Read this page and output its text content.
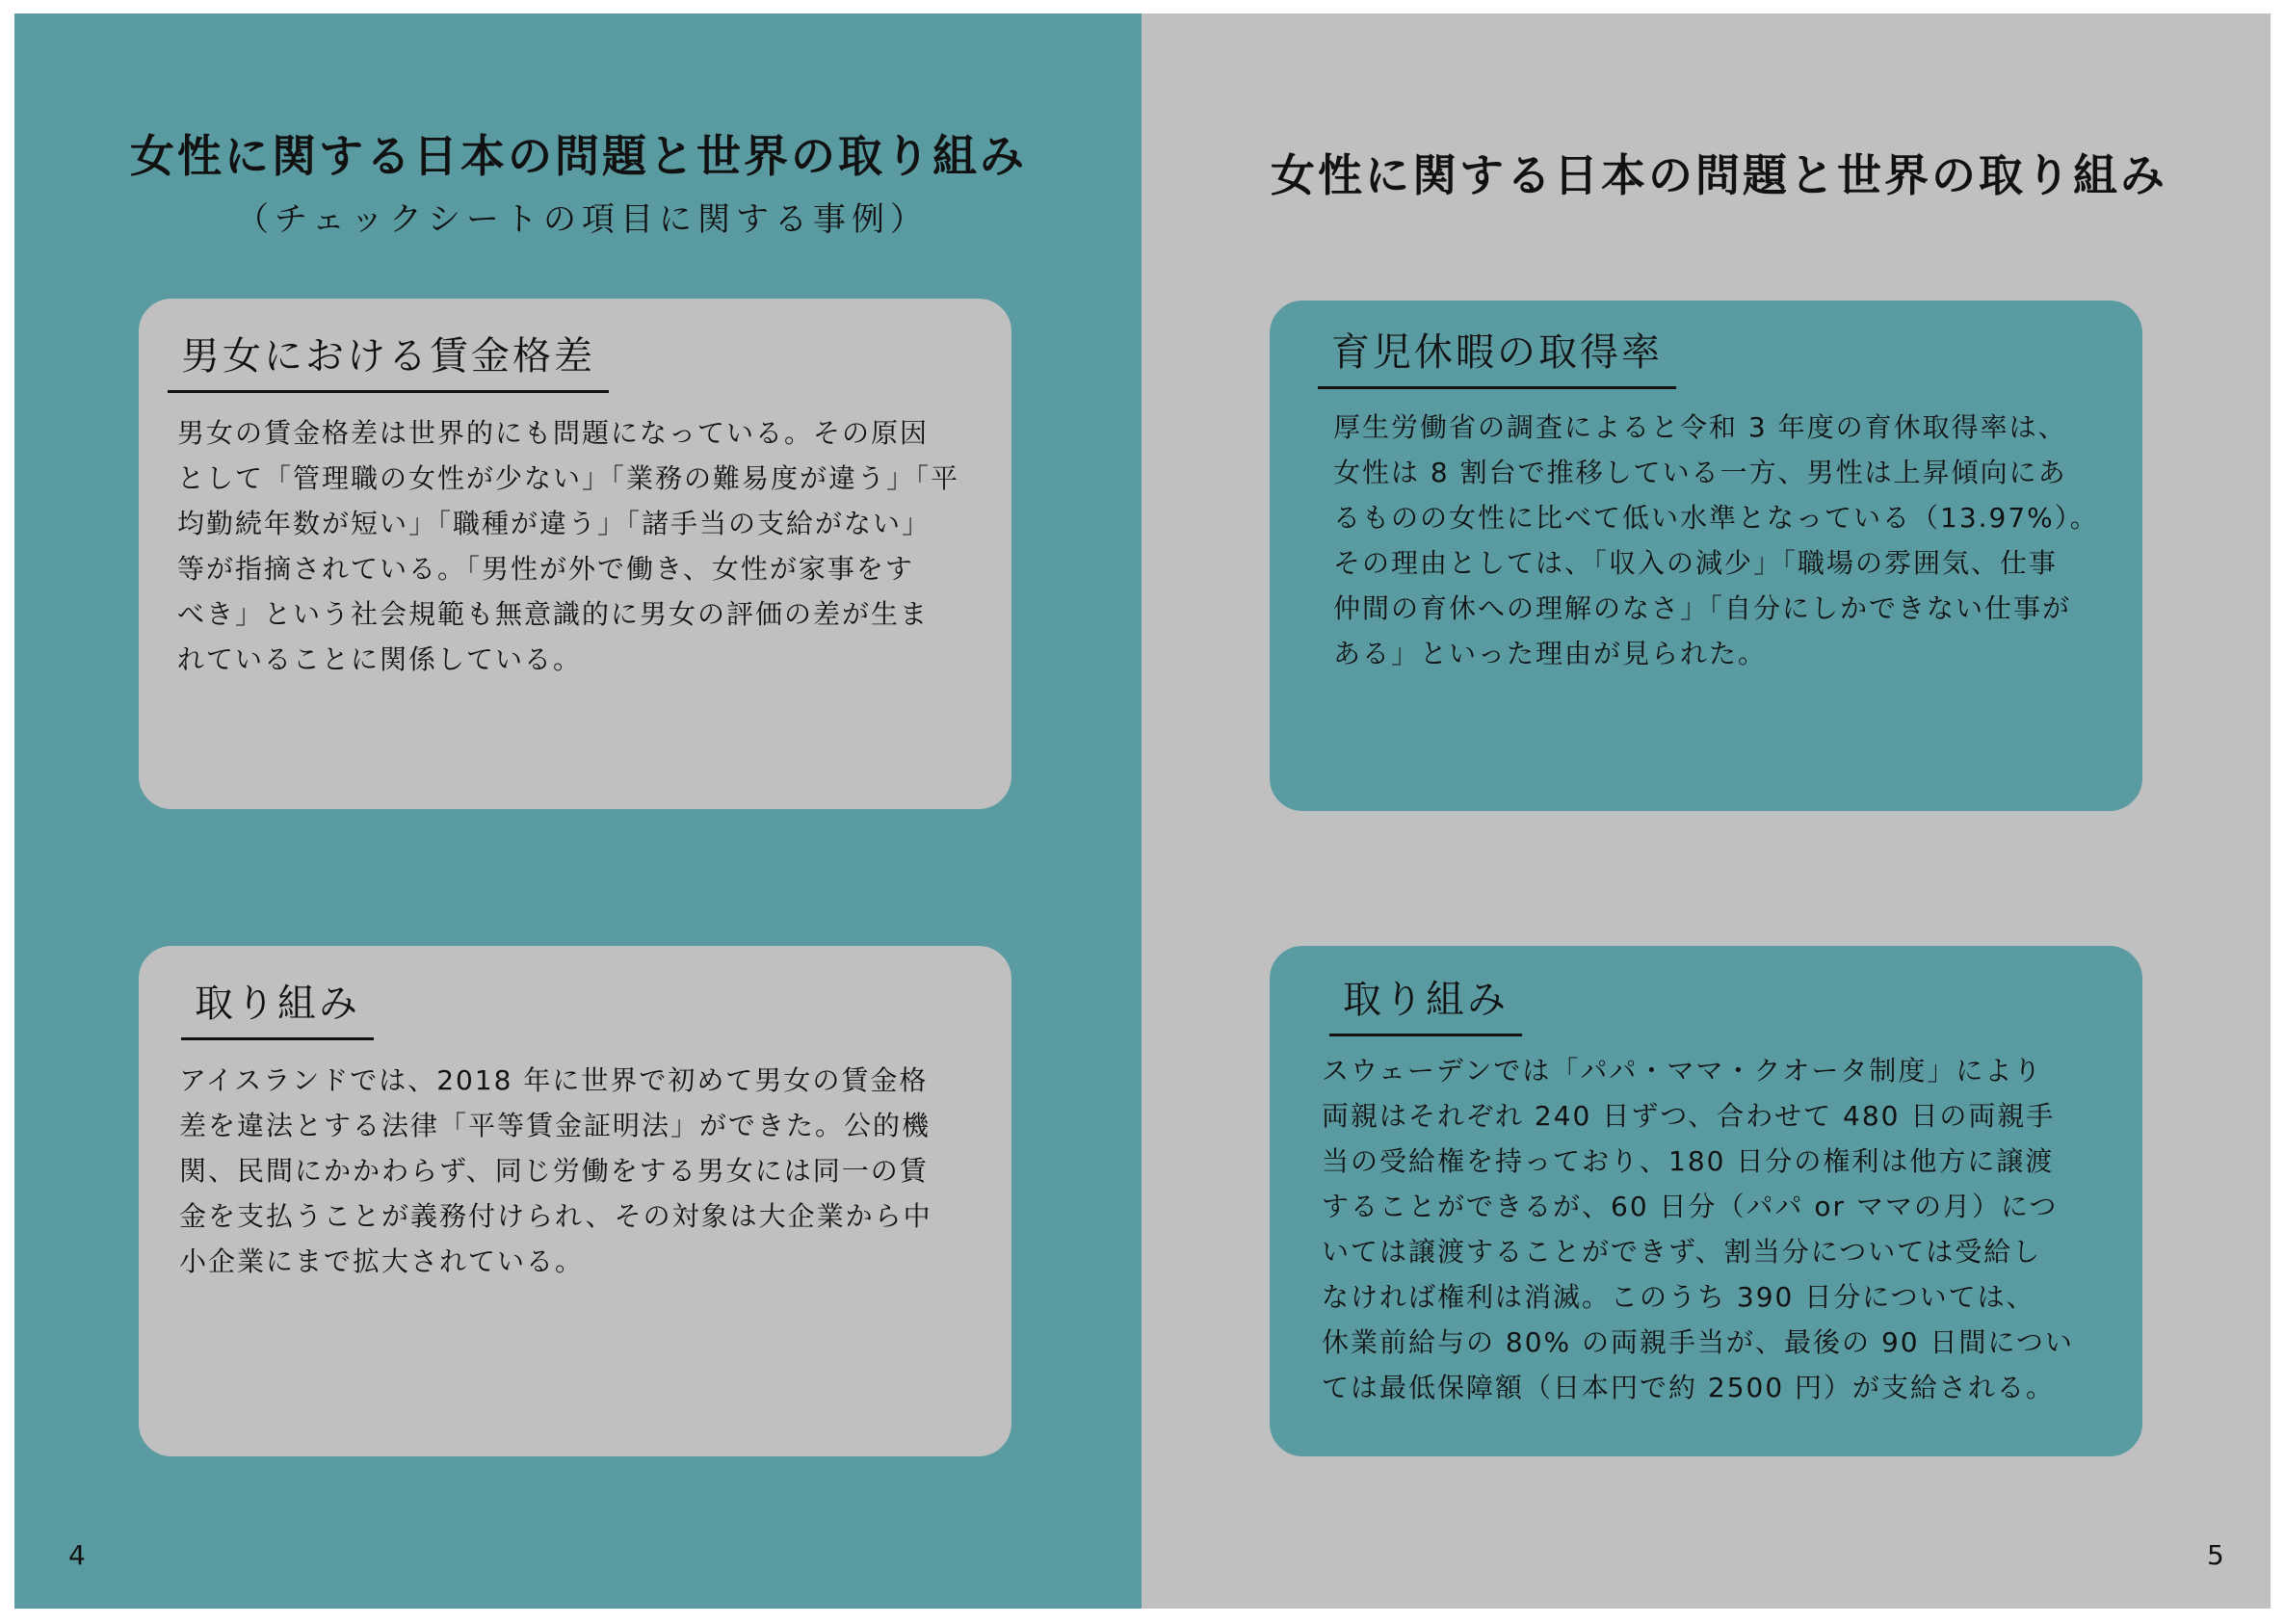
女性に関する日本の問題と世界の取り組み
（チェックシートの項目に関する事例）
男女における賃金格差

男女の賃金格差は世界的にも問題になっている。その原因

として「管理職の女性が少ない」「業務の難易度が違う」「平

均勤続年数が短い」「職種が違う」「諸手当の支給がない」

等が指摘されている。「男性が外で働き、女性が家事をす

べき」という社会規範も無意識的に男女の評価の差が生ま

れていることに関係している。

取り組み

アイスランドでは、2018 年に世界で初めて男女の賃金格

差を違法とする法律「平等賃金証明法」ができた。公的機

関、民間にかかわらず、同じ労働をする男女には同一の賃

金を支払うことが義務付けられ、その対象は大企業から中

小企業にまで拡大されている。

4
女性に関する日本の問題と世界の取り組み
育児休暇の取得率

厚生労働省の調査によると令和 3 年度の育休取得率は、

女性は 8 割台で推移している一方、男性は上昇傾向にあ

るものの女性に比べて低い水準となっている（13.97%）。

その理由としては、「収入の減少」「職場の雰囲気、仕事

仲間の育休への理解のなさ」「自分にしかできない仕事が

ある」といった理由が見られた。

取り組み

スウェーデンでは「パパ・ママ・クオータ制度」により

両親はそれぞれ 240 日ずつ、合わせて 480 日の両親手

当の受給権を持っており、180 日分の権利は他方に譲渡

することができるが、60 日分（パパ or ママの月）につ

いては譲渡することができず、割当分については受給し

なければ権利は消滅。このうち 390 日分については、

休業前給与の 80% の両親手当が、最後の 90 日間につい

ては最低保障額（日本円で約 2500 円）が支給される。

5
